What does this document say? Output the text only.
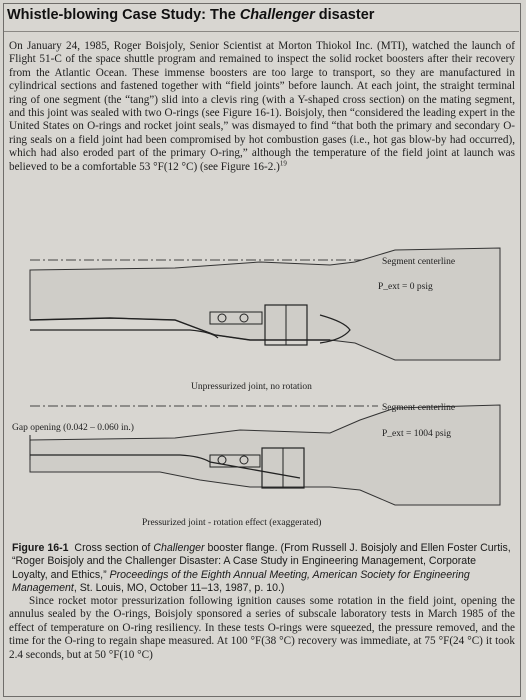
Whistle-blowing Case Study: The Challenger disaster
On January 24, 1985, Roger Boisjoly, Senior Scientist at Morton Thiokol Inc. (MTI), watched the launch of Flight 51-C of the space shuttle program and remained to inspect the solid rocket boosters after their recovery from the Atlantic Ocean. These immense boosters are too large to transport, so they are manufactured in cylindrical sections and fastened together with “field joints” before launch. At each joint, the straight terminal ring of one segment (the “tang”) slid into a clevis ring (with a Y-shaped cross section) on the mating segment, and this joint was sealed with two O-rings (see Figure 16-1). Boisjoly, then “considered the leading expert in the United States on O-rings and rocket joint seals,” was dismayed to find “that both the primary and secondary O-ring seals on a field joint had been compromised by hot combustion gases (i.e., hot gas blow-by had occurred), which had also eroded part of the primary O-ring,” although the temperature of the field joint at launch was believed to be a comfortable 53 °F(12 °C) (see Figure 16-2.)$^{19}$
Segment centerline
P_ext = 0 psig
Unpressurized joint, no rotation
Gap opening (0.042 – 0.060 in.)
Segment centerline
P_ext = 1004 psig
Pressurized joint - rotation effect (exaggerated)
Figure 16-1 Cross section of Challenger booster flange. (From Russell J. Boisjoly and Ellen Foster Curtis, “Roger Boisjoly and the Challenger Disaster: A Case Study in Engineering Management, Corporate Loyalty, and Ethics,” Proceedings of the Eighth Annual Meeting, American Society for Engineering Management, St. Louis, MO, October 11–13, 1987, p. 10.)
Since rocket motor pressurization following ignition causes some rotation in the field joint, opening the annulus sealed by the O-rings, Boisjoly sponsored a series of subscale laboratory tests in March 1985 of the effect of temperature on O-ring resiliency. In these tests O-rings were squeezed, the pressure removed, and the time for the O-ring to regain shape measured. At 100 °F(38 °C) recovery was immediate, at 75 °F(24 °C) it took 2.4 seconds, but at 50 °F(10 °C)
